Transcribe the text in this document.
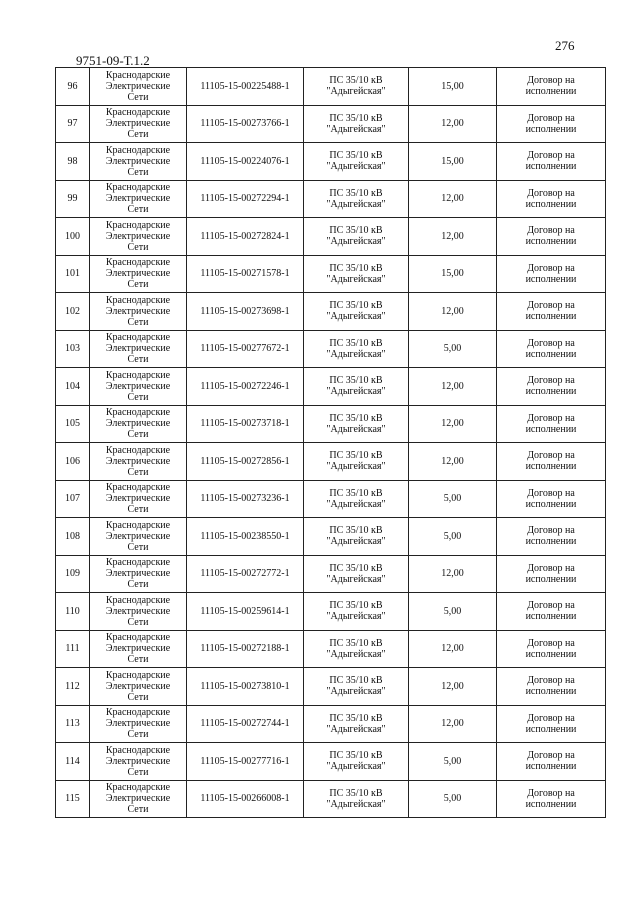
276
9751-09-Т.1.2
96	Краснодарские
Электрические
Сети	11105-15-00225488-1	ПС 35/10 кВ
"Адыгейская"	15,00	Договор на
исполнении

97	Краснодарские
Электрические
Сети	11105-15-00273766-1	ПС 35/10 кВ
"Адыгейская"	12,00	Договор на
исполнении

98	Краснодарские
Электрические
Сети	11105-15-00224076-1	ПС 35/10 кВ
"Адыгейская"	15,00	Договор на
исполнении

99	Краснодарские
Электрические
Сети	11105-15-00272294-1	ПС 35/10 кВ
"Адыгейская"	12,00	Договор на
исполнении

100	Краснодарские
Электрические
Сети	11105-15-00272824-1	ПС 35/10 кВ
"Адыгейская"	12,00	Договор на
исполнении

101	Краснодарские
Электрические
Сети	11105-15-00271578-1	ПС 35/10 кВ
"Адыгейская"	15,00	Договор на
исполнении

102	Краснодарские
Электрические
Сети	11105-15-00273698-1	ПС 35/10 кВ
"Адыгейская"	12,00	Договор на
исполнении

103	Краснодарские
Электрические
Сети	11105-15-00277672-1	ПС 35/10 кВ
"Адыгейская"	5,00	Договор на
исполнении

104	Краснодарские
Электрические
Сети	11105-15-00272246-1	ПС 35/10 кВ
"Адыгейская"	12,00	Договор на
исполнении

105	Краснодарские
Электрические
Сети	11105-15-00273718-1	ПС 35/10 кВ
"Адыгейская"	12,00	Договор на
исполнении

106	Краснодарские
Электрические
Сети	11105-15-00272856-1	ПС 35/10 кВ
"Адыгейская"	12,00	Договор на
исполнении

107	Краснодарские
Электрические
Сети	11105-15-00273236-1	ПС 35/10 кВ
"Адыгейская"	5,00	Договор на
исполнении

108	Краснодарские
Электрические
Сети	11105-15-00238550-1	ПС 35/10 кВ
"Адыгейская"	5,00	Договор на
исполнении

109	Краснодарские
Электрические
Сети	11105-15-00272772-1	ПС 35/10 кВ
"Адыгейская"	12,00	Договор на
исполнении

110	Краснодарские
Электрические
Сети	11105-15-00259614-1	ПС 35/10 кВ
"Адыгейская"	5,00	Договор на
исполнении

111	Краснодарские
Электрические
Сети	11105-15-00272188-1	ПС 35/10 кВ
"Адыгейская"	12,00	Договор на
исполнении

112	Краснодарские
Электрические
Сети	11105-15-00273810-1	ПС 35/10 кВ
"Адыгейская"	12,00	Договор на
исполнении

113	Краснодарские
Электрические
Сети	11105-15-00272744-1	ПС 35/10 кВ
"Адыгейская"	12,00	Договор на
исполнении

114	Краснодарские
Электрические
Сети	11105-15-00277716-1	ПС 35/10 кВ
"Адыгейская"	5,00	Договор на
исполнении

115	Краснодарские
Электрические
Сети	11105-15-00266008-1	ПС 35/10 кВ
"Адыгейская"	5,00	Договор на
исполнении
